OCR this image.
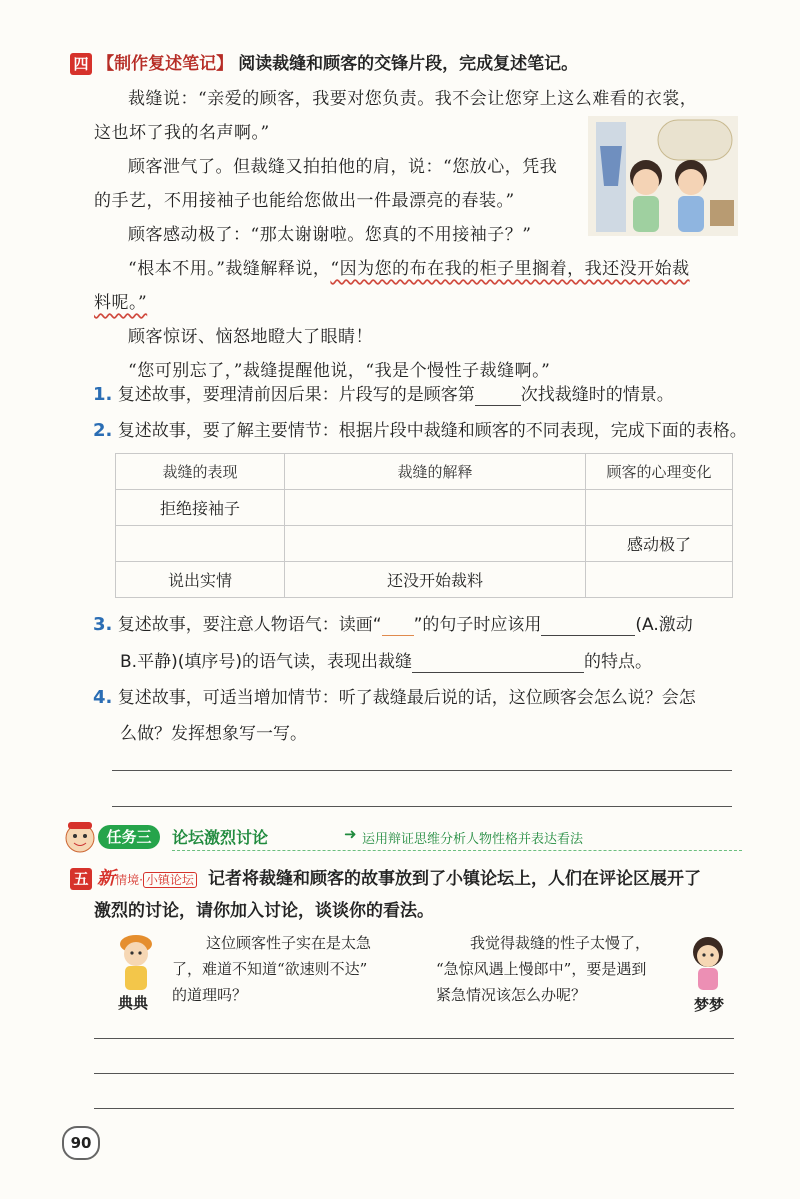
四 【制作复述笔记】 阅读裁缝和顾客的交锋片段，完成复述笔记。
裁缝说：“亲爱的顾客，我要对您负责。我不会让您穿上这么难看的衣裳，
这也坏了我的名声啊。”
顾客泄气了。但裁缝又拍拍他的肩，说：“您放心，凭我
的手艺，不用接袖子也能给您做出一件最漂亮的春装。”
顾客感动极了：“那太谢谢啦。您真的不用接袖子？”
“根本不用。”裁缝解释说，“因为您的布在我的柜子里搁着，我还没开始裁
料呢。”
顾客惊讶、恼怒地瞪大了眼睛！
“您可别忘了，”裁缝提醒他说，“我是个慢性子裁缝啊。”
1. 复述故事，要理清前因后果：片段写的是顾客第	次找裁缝时的情景。
2. 复述故事，要了解主要情节：根据片段中裁缝和顾客的不同表现，完成下面的表格。
裁缝的表现	裁缝的解释	顾客的心理变化
拒绝接袖子		
		感动极了
说出实情	还没开始裁料	
3. 复述故事，要注意人物语气：读画“ ”的句子时应该用	(A.激动
B.平静)(填序号)的语气读，表现出裁缝	的特点。
4. 复述故事，可适当增加情节：听了裁缝最后说的话，这位顾客会怎么说？会怎
么做？发挥想象写一写。
任务三	论坛激烈讨论	➜ 运用辩证思维分析人物性格并表达看法
五 新情境· 小镇论坛 记者将裁缝和顾客的故事放到了小镇论坛上，人们在评论区展开了
激烈的讨论，请你加入讨论，谈谈你的看法。
典典
这位顾客性子实在是太急
了，难道不知道“欲速则不达”
的道理吗？
我觉得裁缝的性子太慢了，
“急惊风遇上慢郎中”，要是遇到
紧急情况该怎么办呢？
梦梦
90
